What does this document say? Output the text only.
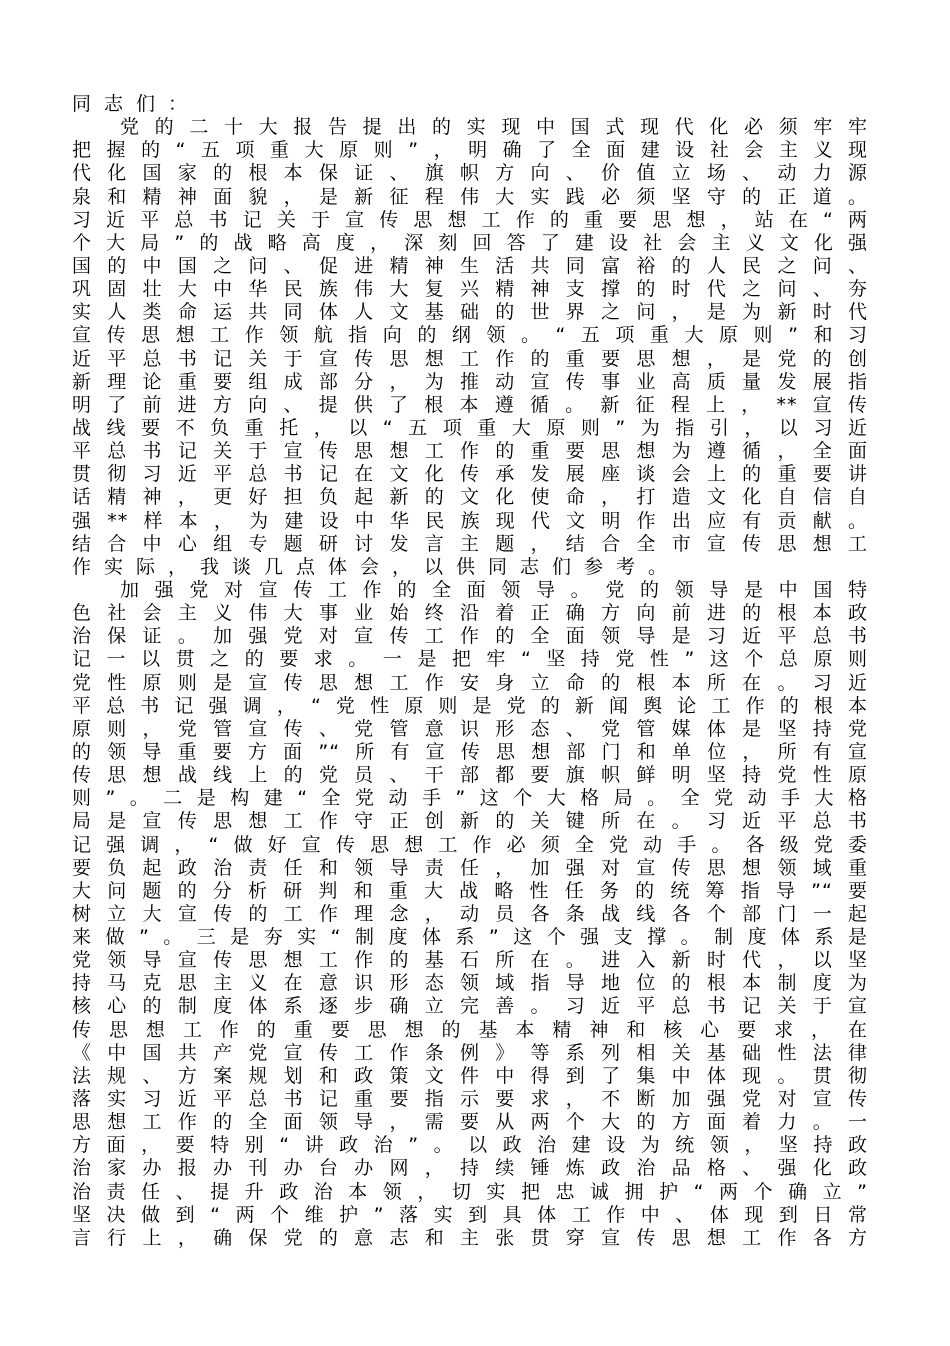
同志们：
党的二十大报告提出的实现中国式现代化必须牢牢
把握的“五项重大原则”，明确了全面建设社会主义现
代化国家的根本保证、旗帜方向、价值立场、动力源
泉和精神面貌，是新征程伟大实践必须坚守的正道。
习近平总书记关于宣传思想工作的重要思想，站在“两
个大局”的战略高度，深刻回答了建设社会主义文化强
国的中国之问、促进精神生活共同富裕的人民之问、
巩固壮大中华民族伟大复兴精神支撑的时代之问、夯
实人类命运共同体人文基础的世界之问，是为新时代
宣传思想工作领航指向的纲领。“五项重大原则”和习
近平总书记关于宣传思想工作的重要思想，是党的创
新理论重要组成部分，为推动宣传事业高质量发展指
明了前进方向、提供了根本遵循。新征程上，**宣传
战线要不负重托，以“五项重大原则”为指引，以习近
平总书记关于宣传思想工作的重要思想为遵循，全面
贯彻习近平总书记在文化传承发展座谈会上的重要讲
话精神，更好担负起新的文化使命，打造文化自信自
强**样本，为建设中华民族现代文明作出应有贡献。
结合中心组专题研讨发言主题，结合全市宣传思想工
作实际，我谈几点体会，以供同志们参考。
加强党对宣传工作的全面领导。党的领导是中国特
色社会主义伟大事业始终沿着正确方向前进的根本政
治保证。加强党对宣传工作的全面领导是习近平总书
记一以贯之的要求。一是把牢“坚持党性”这个总原则
党性原则是宣传思想工作安身立命的根本所在。习近
平总书记强调，“党性原则是党的新闻舆论工作的根本
原则，党管宣传、党管意识形态、党管媒体是坚持党
的领导重要方面”“所有宣传思想部门和单位，所有宣
传思想战线上的党员、干部都要旗帜鲜明坚持党性原
则”。二是构建“全党动手”这个大格局。全党动手大格
局是宣传思想工作守正创新的关键所在。习近平总书
记强调，“做好宣传思想工作必须全党动手。各级党委
要负起政治责任和领导责任，加强对宣传思想领域重
大问题的分析研判和重大战略性任务的统筹指导”“要
树立大宣传的工作理念，动员各条战线各个部门一起
来做”。三是夯实“制度体系”这个强支撑。制度体系是
党领导宣传思想工作的基石所在。进入新时代，以坚
持马克思主义在意识形态领域指导地位的根本制度为
核心的制度体系逐步确立完善。习近平总书记关于宣
传思想工作的重要思想的基本精神和核心要求，在
《中国共产党宣传工作条例》等系列相关基础性法律
法规、方案规划和政策文件中得到了集中体现。贯彻
落实习近平总书记重要指示要求，不断加强党对宣传
思想工作的全面领导，需要从两个大的方面着力。一
方面，要特别“讲政治”。以政治建设为统领，坚持政
治家办报办刊办台办网，持续锤炼政治品格、强化政
治责任、提升政治本领，切实把忠诚拥护“两个确立”
坚决做到“两个维护”落实到具体工作中、体现到日常
言行上，确保党的意志和主张贯穿宣传思想工作各方
